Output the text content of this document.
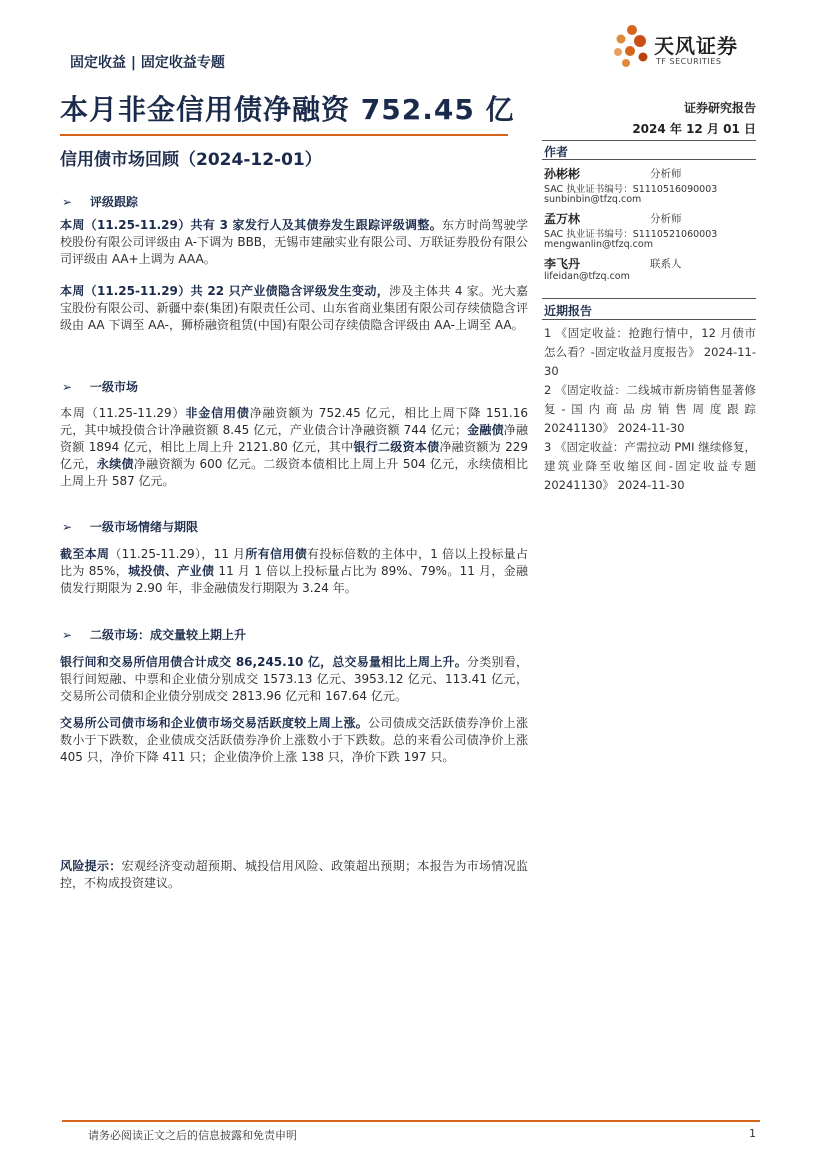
固定收益 | 固定收益专题
天风证券
TF SECURITIES
本月非金信用债净融资 752.45 亿
信用债市场回顾（2024-12-01）
证券研究报告
2024 年 12 月 01 日
作者
孙彬彬	分析师
SAC 执业证书编号：S1110516090003
sunbinbin@tfzq.com
孟万林	分析师
SAC 执业证书编号：S1110521060003
mengwanlin@tfzq.com
李飞丹	联系人
lifeidan@tfzq.com
近期报告
1 《固定收益：抢跑行情中，12 月债市怎么看？-固定收益月度报告》 2024-11-30
2 《固定收益：二线城市新房销售显著修复-国内商品房销售周度跟踪20241130》 2024-11-30
3 《固定收益：产需拉动 PMI 继续修复，建筑业降至收缩区间-固定收益专题 20241130》 2024-11-30
➢ 评级跟踪
本周（11.25-11.29）共有 3 家发行人及其债券发生跟踪评级调整。东方时尚驾驶学校股份有限公司评级由 A-下调为 BBB，无锡市建融实业有限公司、万联证券股份有限公司评级由 AA+上调为 AAA。
本周（11.25-11.29）共 22 只产业债隐含评级发生变动，涉及主体共 4 家。光大嘉宝股份有限公司、新疆中泰(集团)有限责任公司、山东省商业集团有限公司存续债隐含评级由 AA 下调至 AA-，狮桥融资租赁(中国)有限公司存续债隐含评级由 AA-上调至 AA。
➢ 一级市场
本周（11.25-11.29）非金信用债净融资额为 752.45 亿元，相比上周下降 151.16 元，其中城投债合计净融资额 8.45 亿元，产业债合计净融资额 744 亿元；金融债净融资额 1894 亿元，相比上周上升 2121.80 亿元，其中银行二级资本债净融资额为 229 亿元，永续债净融资额为 600 亿元。二级资本债相比上周上升 504 亿元，永续债相比上周上升 587 亿元。
➢ 一级市场情绪与期限
截至本周（11.25-11.29），11 月所有信用债有投标倍数的主体中，1 倍以上投标量占比为 85%，城投债、产业债 11 月 1 倍以上投标量占比为 89%、79%。11 月，金融债发行期限为 2.90 年，非金融债发行期限为 3.24 年。
➢ 二级市场：成交量较上期上升
银行间和交易所信用债合计成交 86,245.10 亿，总交易量相比上周上升。分类别看，银行间短融、中票和企业债分别成交 1573.13 亿元、3953.12 亿元、113.41 亿元，交易所公司债和企业债分别成交 2813.96 亿元和 167.64 亿元。
交易所公司债市场和企业债市场交易活跃度较上周上涨。公司债成交活跃债券净价上涨数小于下跌数，企业债成交活跃债券净价上涨数小于下跌数。总的来看公司债净价上涨 405 只，净价下降 411 只；企业债净价上涨 138 只，净价下跌 197 只。
风险提示：宏观经济变动超预期、城投信用风险、政策超出预期；本报告为市场情况监控，不构成投资建议。
请务必阅读正文之后的信息披露和免责申明	1
